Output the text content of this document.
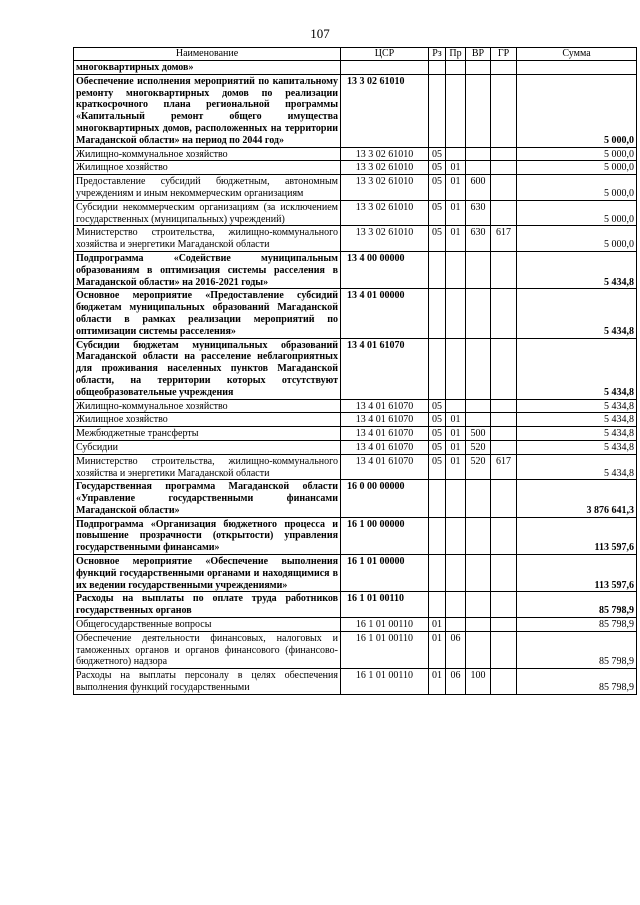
107
Наименование	ЦСР	Рз	Пр	ВР	ГР	Сумма
многоквартирных домов»						
Обеспечение исполнения мероприятий по капитальному ремонту многоквартирных домов по реализации краткосрочного плана региональной программы «Капитальный ремонт общего имущества многоквартирных домов, расположенных на территории Магаданской области» на период по 2044 год»	13 3 02 61010					5 000,0
Жилищно-коммунальное хозяйство	13 3 02 61010	05				5 000,0
Жилищное хозяйство	13 3 02 61010	05	01			5 000,0
Предоставление субсидий бюджетным, автономным учреждениям и иным некоммерческим организациям	13 3 02 61010	05	01	600		5 000,0
Субсидии некоммерческим организациям (за исключением государственных (муниципальных) учреждений)	13 3 02 61010	05	01	630		5 000,0
Министерство строительства, жилищно-коммунального хозяйства и энергетики Магаданской области	13 3 02 61010	05	01	630	617	5 000,0
Подпрограмма «Содействие муниципальным образованиям в оптимизация системы расселения в Магаданской области» на 2016-2021 годы»	13 4 00 00000					5 434,8
Основное мероприятие «Предоставление субсидий бюджетам муниципальных образований Магаданской области в рамках реализации мероприятий по оптимизации системы расселения»	13 4 01 00000					5 434,8
Субсидии бюджетам муниципальных образований Магаданской области на расселение неблагоприятных для проживания населенных пунктов Магаданской области, на территории которых отсутствуют общеобразовательные учреждения	13 4 01 61070					5 434,8
Жилищно-коммунальное хозяйство	13 4 01 61070	05				5 434,8
Жилищное хозяйство	13 4 01 61070	05	01			5 434,8
Межбюджетные трансферты	13 4 01 61070	05	01	500		5 434,8
Субсидии	13 4 01 61070	05	01	520		5 434,8
Министерство строительства, жилищно-коммунального хозяйства и энергетики Магаданской области	13 4 01 61070	05	01	520	617	5 434,8
Государственная программа Магаданской области «Управление государственными финансами Магаданской области»	16 0 00 00000					3 876 641,3
Подпрограмма «Организация бюджетного процесса и повышение прозрачности (открытости) управления государственными финансами»	16 1 00 00000					113 597,6
Основное мероприятие «Обеспечение выполнения функций государственными органами и находящимися в их ведении государственными учреждениями»	16 1 01 00000					113 597,6
Расходы на выплаты по оплате труда работников государственных органов	16 1 01 00110					85 798,9
Общегосударственные вопросы	16 1 01 00110	01				85 798,9
Обеспечение деятельности финансовых, налоговых и таможенных органов и органов финансового (финансово-бюджетного) надзора	16 1 01 00110	01	06			85 798,9
Расходы на выплаты персоналу в целях обеспечения выполнения функций государственными	16 1 01 00110	01	06	100		85 798,9
